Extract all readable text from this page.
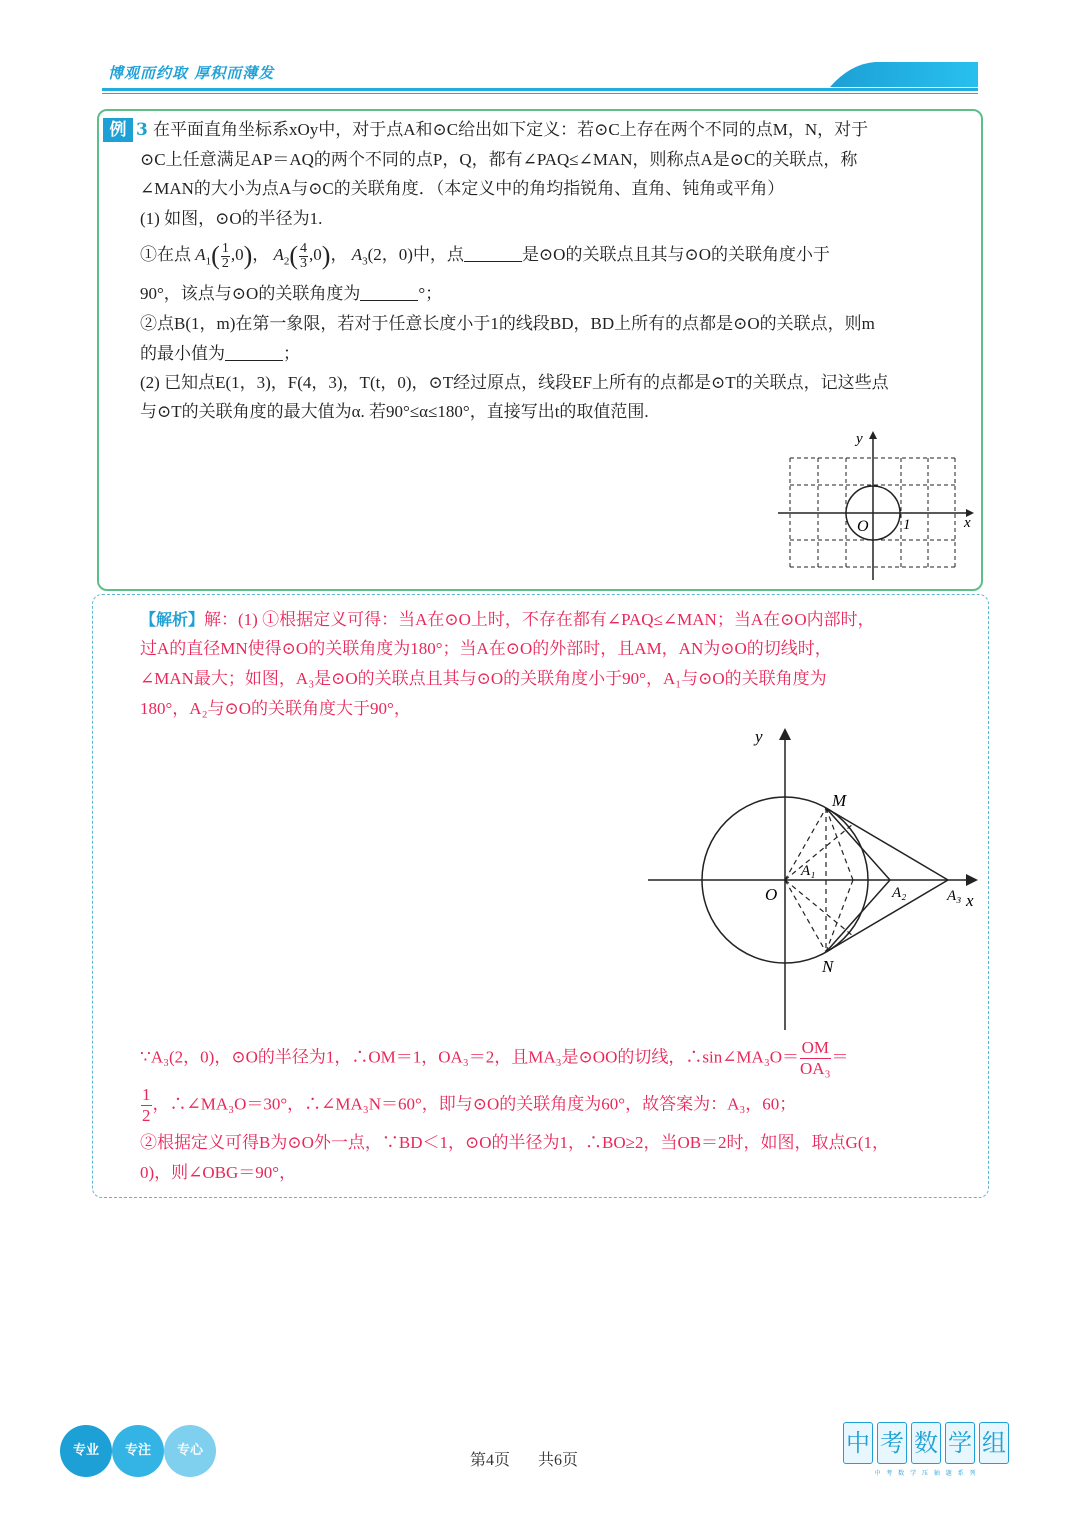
博观而约取 厚积而薄发
例 3 在平面直角坐标系xOy中，对于点A和⊙C给出如下定义：若⊙C上存在两个不同的点M，N，对于
⊙C上任意满足AP＝AQ的两个不同的点P，Q，都有∠PAQ≤∠MAN，则称点A是⊙C的关联点，称
∠MAN的大小为点A与⊙C的关联角度．（本定义中的角均指锐角、直角、钝角或平角）
(1) 如图，⊙O的半径为1.
①在点 $A_1( \frac{1}{2} ,0)$， $A_2( \frac{4}{3} ,0)$， $A_3(2$，0)中，点	是⊙O的关联点且其与⊙O的关联角度小于
90°，该点与⊙O的关联角度为	°；
②点B(1，m)在第一象限，若对于任意长度小于1的线段BD，BD上所有的点都是⊙O的关联点，则m
的最小值为	；
(2) 已知点E(1，3)，F(4，3)，T(t，0)，⊙T经过原点，线段EF上所有的点都是⊙T的关联点，记这些点
与⊙T的关联角度的最大值为α. 若90°≤α≤180°，直接写出t的取值范围.
y
x
O 1
【解析】解：(1) ①根据定义可得：当A在⊙O上时，不存在都有∠PAQ≤∠MAN；当A在⊙O内部时，
过A的直径MN使得⊙O的关联角度为180°；当A在⊙O的外部时，且AM，AN为⊙O的切线时，
∠MAN最大；如图，A₃是⊙O的关联点且其与⊙O的关联角度小于90°，A₁与⊙O的关联角度为
180°，A₂与⊙O的关联角度大于90°，
y
x
O
M
N
A₁
A₂	A₃
∵A₃(2，0)，⊙O的半径为1，∴OM＝1，OA₃＝2，且MA₃是⊙OO的切线，∴sin∠MA₃O＝ $\frac{OM}{\text{OA₃}}$ ＝
$\frac{1}{2}$ ，∴∠MA₃O＝30°，∴∠MA₃N＝60°，即与⊙O的关联角度为60°，故答案为：A₃，60；
②根据定义可得B为⊙O外一点，∵BD＜1，⊙O的半径为1，∴BO≥2，当OB＝2时，如图，取点G(1，
0)，则∠OBG＝90°，
专业	专注	专心
第4页 共6页
中 考 数 学 组
中 考 数 学 压 轴 题 系 列
